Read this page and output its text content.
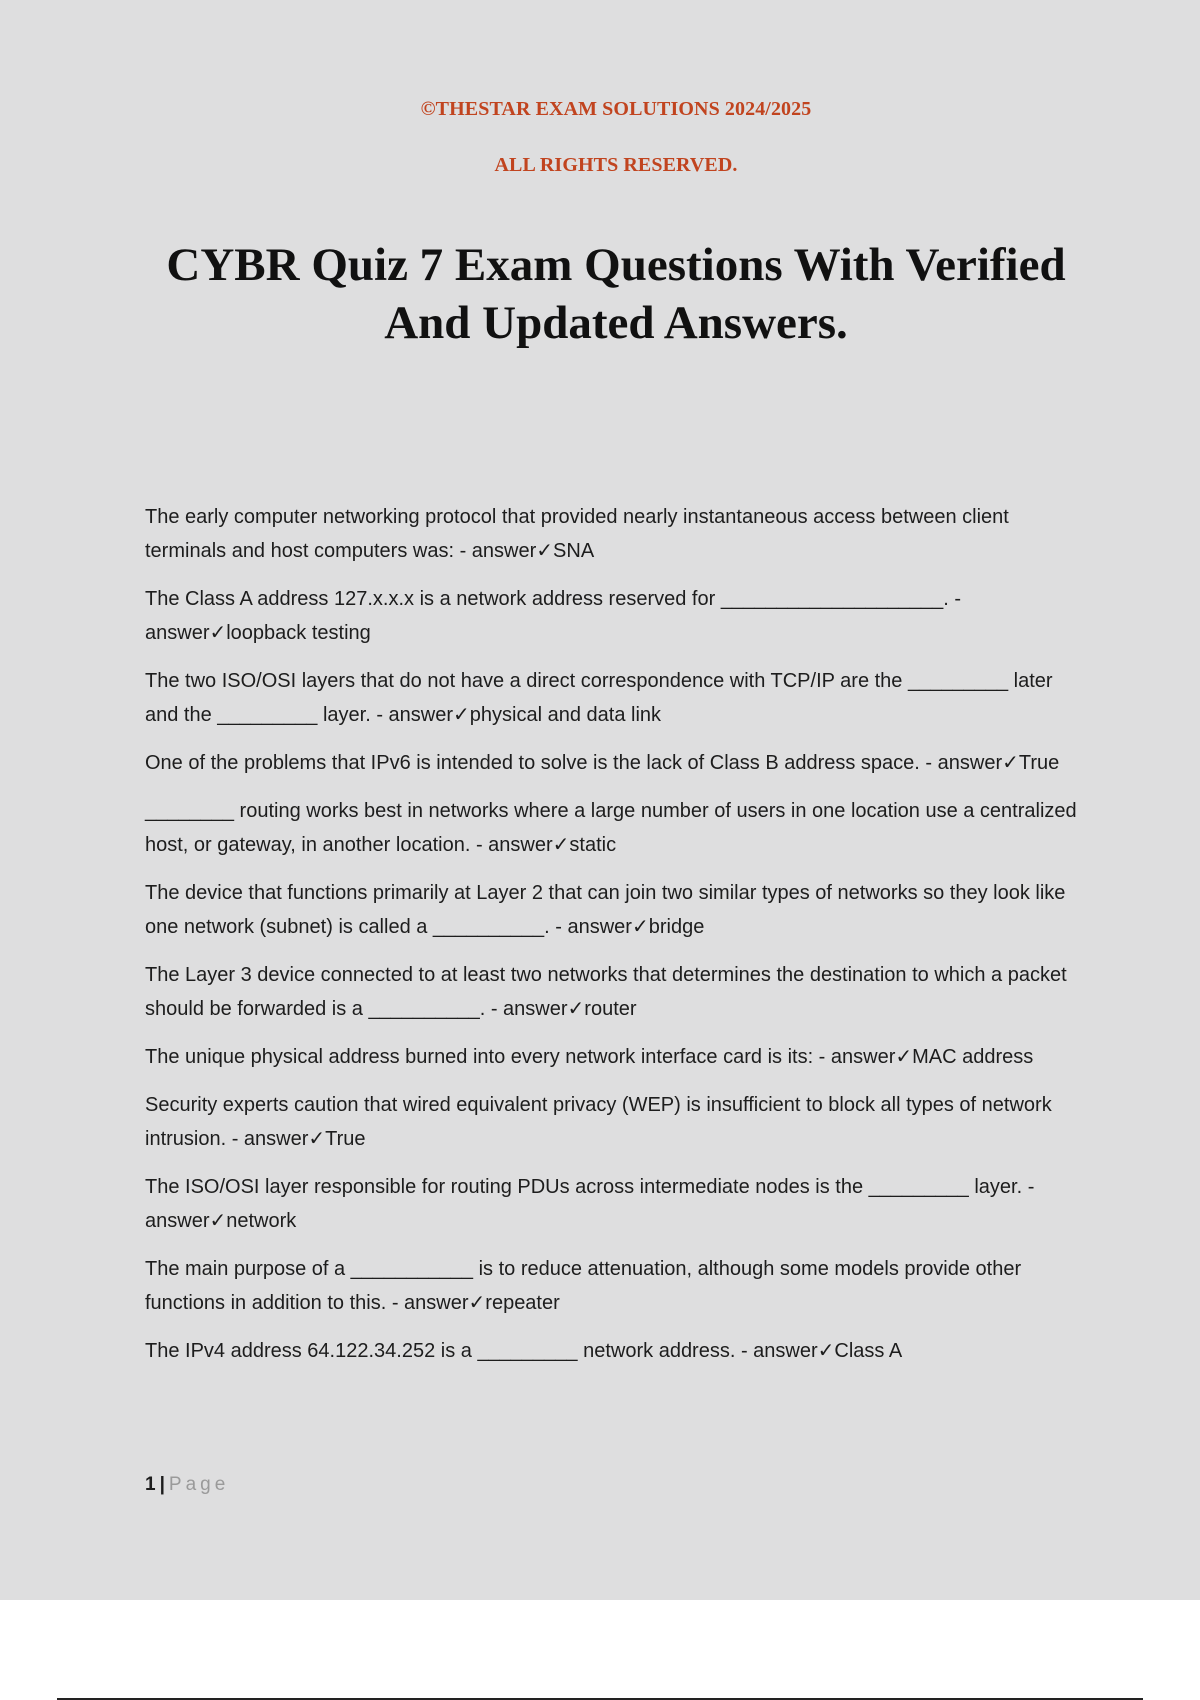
©THESTAR EXAM SOLUTIONS 2024/2025
ALL RIGHTS RESERVED.
CYBR Quiz 7 Exam Questions With Verified
And Updated Answers.
The early computer networking protocol that provided nearly instantaneous access between client terminals and host computers was: - answer✓SNA
The Class A address 127.x.x.x is a network address reserved for ____________________. - answer✓loopback testing
The two ISO/OSI layers that do not have a direct correspondence with TCP/IP are the _________ later and the _________ layer. - answer✓physical and data link
One of the problems that IPv6 is intended to solve is the lack of Class B address space. - answer✓True
________ routing works best in networks where a large number of users in one location use a centralized host, or gateway, in another location. - answer✓static
The device that functions primarily at Layer 2 that can join two similar types of networks so they look like one network (subnet) is called a __________. - answer✓bridge
The Layer 3 device connected to at least two networks that determines the destination to which a packet should be forwarded is a __________. - answer✓router
The unique physical address burned into every network interface card is its: - answer✓MAC address
Security experts caution that wired equivalent privacy (WEP) is insufficient to block all types of network intrusion. - answer✓True
The ISO/OSI layer responsible for routing PDUs across intermediate nodes is the _________ layer. - answer✓network
The main purpose of a ___________ is to reduce attenuation, although some models provide other functions in addition to this. - answer✓repeater
The IPv4 address 64.122.34.252 is a _________ network address. - answer✓Class A
1 | Page
